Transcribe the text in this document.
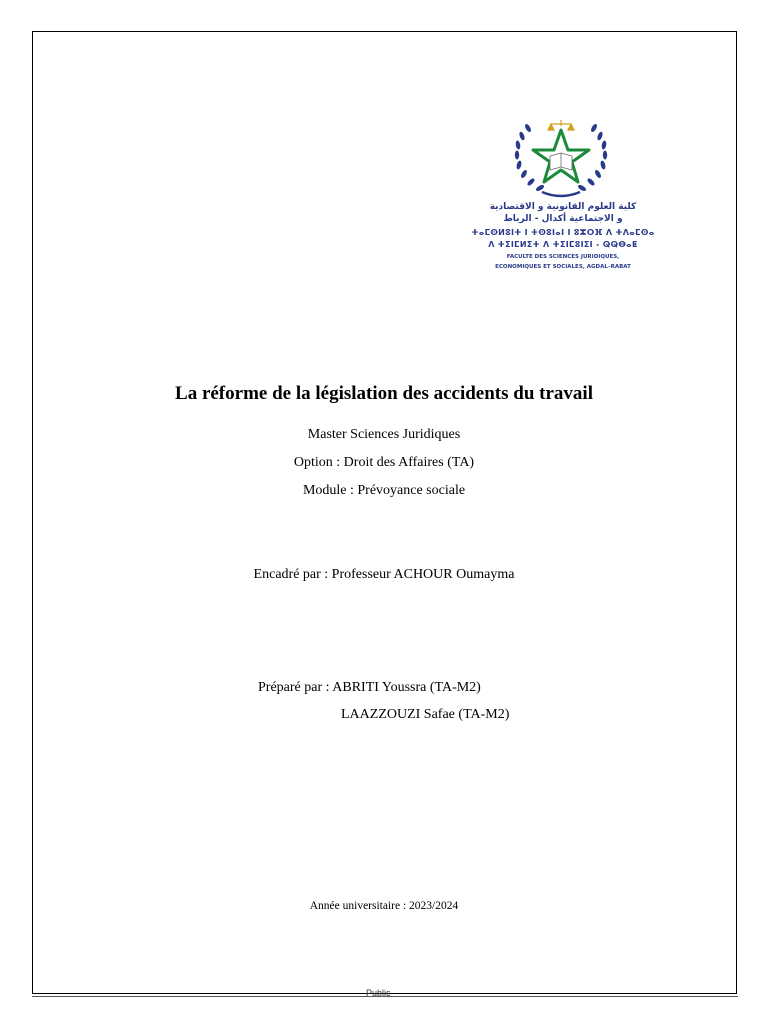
كلية العلوم القانونية و الاقتصادية
و الاجتماعية أكدال - الرباط
ⵜⴰⵎⵙⵍⵓⵏⵜ ⵏ ⵜⵙⵓⵏⴰⵏ ⵏ ⵓⵣⵔⴼ ⴷ ⵜⴷⴰⵎⵙⴰ
ⴷ ⵜⵉⵏⵎⵍⵉⵜ ⴷ ⵜⵉⵏⵎⵓⵏⵉⵏ - ⵕⵕⴱⴰⵟ
FACULTE DES SCIENCES JURIDIQUES,
ECONOMIQUES ET SOCIALES, AGDAL–RABAT
La réforme de la législation des accidents du travail
Master Sciences Juridiques
Option : Droit des Affaires (TA)
Module : Prévoyance sociale
Encadré par : Professeur ACHOUR Oumayma
Préparé par : ABRITI Youssra (TA-M2)
LAAZZOUZI Safae (TA-M2)
Année universitaire : 2023/2024
Public
